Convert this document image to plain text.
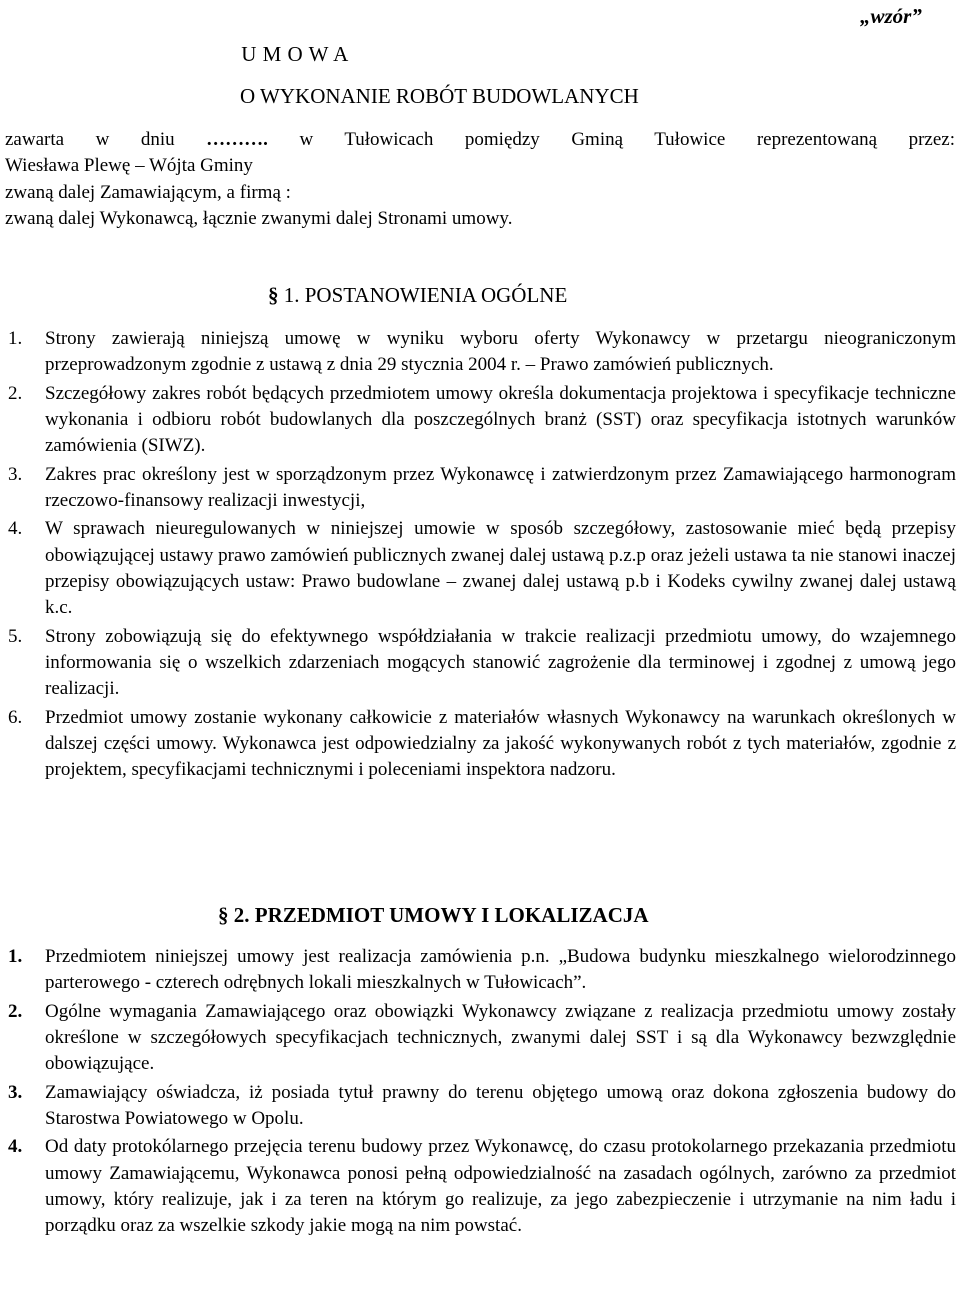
„wzór”
U M O W A
O WYKONANIE ROBÓT BUDOWLANYCH
zawarta w dniu ………. w Tułowicach pomiędzy Gminą Tułowice reprezentowaną przez:
Wiesława Plewę – Wójta Gminy
zwaną dalej Zamawiającym, a firmą :
zwaną dalej Wykonawcą, łącznie zwanymi dalej Stronami umowy.
§ 1. POSTANOWIENIA OGÓLNE
1. Strony zawierają niniejszą umowę w wyniku wyboru oferty Wykonawcy w przetargu nieograniczonym przeprowadzonym zgodnie z ustawą z dnia 29 stycznia 2004 r. – Prawo zamówień publicznych.
2. Szczegółowy zakres robót będących przedmiotem umowy określa dokumentacja projektowa i specyfikacje techniczne wykonania i odbioru robót budowlanych dla poszczególnych branż (SST) oraz specyfikacja istotnych warunków zamówienia (SIWZ).
3. Zakres prac określony jest w sporządzonym przez Wykonawcę i zatwierdzonym przez Zamawiającego harmonogram rzeczowo-finansowy realizacji inwestycji,
4. W sprawach nieuregulowanych w niniejszej umowie w sposób szczegółowy, zastosowanie mieć będą przepisy obowiązującej ustawy prawo zamówień publicznych zwanej dalej ustawą p.z.p oraz jeżeli ustawa ta nie stanowi inaczej przepisy obowiązujących ustaw: Prawo budowlane – zwanej dalej ustawą p.b i Kodeks cywilny zwanej dalej ustawą k.c.
5. Strony zobowiązują się do efektywnego współdziałania w trakcie realizacji przedmiotu umowy, do wzajemnego informowania się o wszelkich zdarzeniach mogących stanowić zagrożenie dla terminowej i zgodnej z umową jego realizacji.
6. Przedmiot umowy zostanie wykonany całkowicie z materiałów własnych Wykonawcy na warunkach określonych w dalszej części umowy. Wykonawca jest odpowiedzialny za jakość wykonywanych robót z tych materiałów, zgodnie z projektem, specyfikacjami technicznymi i poleceniami inspektora nadzoru.
§ 2. PRZEDMIOT UMOWY I LOKALIZACJA
1. Przedmiotem niniejszej umowy jest realizacja zamówienia p.n. „Budowa budynku mieszkalnego wielorodzinnego parterowego - czterech odrębnych lokali mieszkalnych w Tułowicach”.
2. Ogólne wymagania Zamawiającego oraz obowiązki Wykonawcy związane z realizacja przedmiotu umowy zostały określone w szczegółowych specyfikacjach technicznych, zwanymi dalej SST i są dla Wykonawcy bezwzględnie obowiązujące.
3. Zamawiający oświadcza, iż posiada tytuł prawny do terenu objętego umową oraz dokona zgłoszenia budowy do Starostwa Powiatowego w Opolu.
4. Od daty protokólarnego przejęcia terenu budowy przez Wykonawcę, do czasu protokolarnego przekazania przedmiotu umowy Zamawiającemu, Wykonawca ponosi pełną odpowiedzialność na zasadach ogólnych, zarówno za przedmiot umowy, który realizuje, jak i za teren na którym go realizuje, za jego zabezpieczenie i utrzymanie na nim ładu i porządku oraz za wszelkie szkody jakie mogą na nim powstać.
